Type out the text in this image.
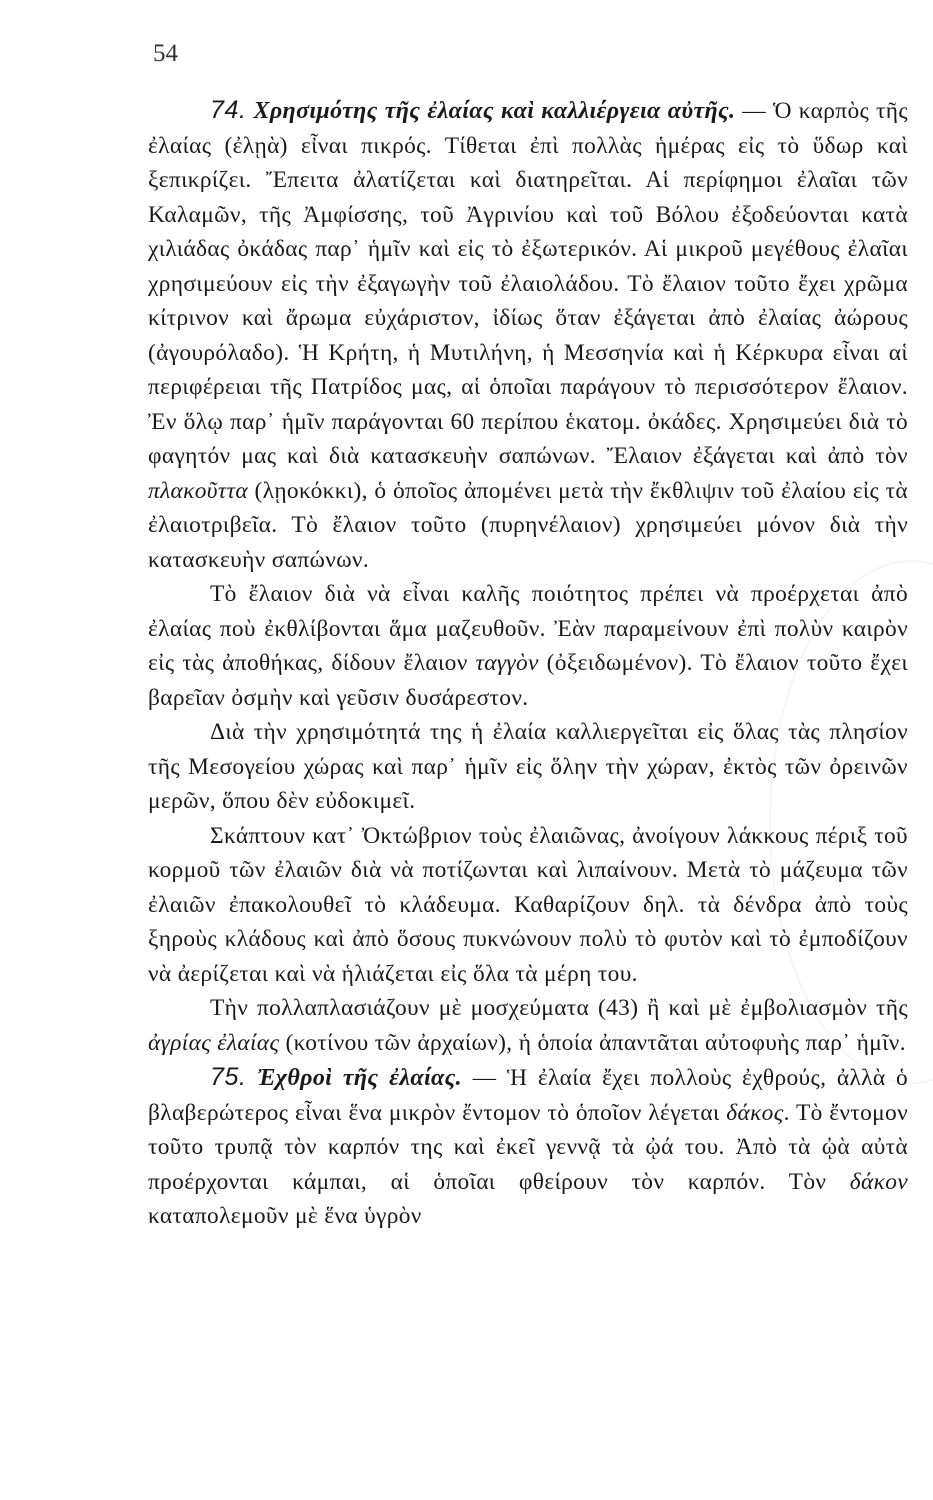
54

74. Χρησιμότης τῆς ἐλαίας καὶ καλλιέργεια αὐτῆς. — Ὁ καρπὸς τῆς ἐλαίας (ἐλῃὰ) εἶναι πικρός. Τίθεται ἐπὶ πολλὰς ἡμέρας εἰς τὸ ὕδωρ καὶ ξεπικρίζει. Ἔπειτα ἀλατίζεται καὶ διατηρεῖται. Αἱ περίφημοι ἐλαῖαι τῶν Καλαμῶν, τῆς Ἀμφίσσης, τοῦ Ἀγρινίου καὶ τοῦ Βόλου ἐξοδεύονται κατὰ χιλιάδας ὀκάδας παρ᾿ ἡμῖν καὶ εἰς τὸ ἐξωτερικόν. Αἱ μικροῦ μεγέθους ἐλαῖαι χρησιμεύουν εἰς τὴν ἐξαγωγὴν τοῦ ἐλαιολάδου. Τὸ ἔλαιον τοῦτο ἔχει χρῶμα κίτρινον καὶ ἄρωμα εὐχάριστον, ἰδίως ὅταν ἐξάγεται ἀπὸ ἐλαίας ἀώρους (ἀγουρόλαδο). Ἡ Κρήτη, ἡ Μυτιλήνη, ἡ Μεσσηνία καὶ ἡ Κέρκυρα εἶναι αἱ περιφέρειαι τῆς Πατρίδος μας, αἱ ὁποῖαι παράγουν τὸ περισσότερον ἔλαιον. Ἐν ὅλῳ παρ᾿ ἡμῖν παράγονται 60 περίπου ἑκατομ. ὀκάδες. Χρησιμεύει διὰ τὸ φαγητόν μας καὶ διὰ κατασκευὴν σαπώνων. Ἔλαιον ἐξάγεται καὶ ἀπὸ τὸν πλακοῦττα (λῃοκόκκι), ὁ ὁποῖος ἀπομένει μετὰ τὴν ἔκθλιψιν τοῦ ἐλαίου εἰς τὰ ἐλαιοτριβεῖα. Τὸ ἔλαιον τοῦτο (πυρηνέλαιον) χρησιμεύει μόνον διὰ τὴν κατασκευὴν σαπώνων.

Τὸ ἔλαιον διὰ νὰ εἶναι καλῆς ποιότητος πρέπει νὰ προέρχεται ἀπὸ ἐλαίας ποὺ ἐκθλίβονται ἅμα μαζευθοῦν. Ἐὰν παραμείνουν ἐπὶ πολὺν καιρὸν εἰς τὰς ἀποθήκας, δίδουν ἔλαιον ταγγὸν (ὀξειδωμένον). Τὸ ἔλαιον τοῦτο ἔχει βαρεῖαν ὀσμὴν καὶ γεῦσιν δυσάρεστον.

Διὰ τὴν χρησιμότητά της ἡ ἐλαία καλλιεργεῖται εἰς ὅλας τὰς πλησίον τῆς Μεσογείου χώρας καὶ παρ᾿ ἡμῖν εἰς ὅλην τὴν χώραν, ἐκτὸς τῶν ὀρεινῶν μερῶν, ὅπου δὲν εὐδοκιμεῖ.

Σκάπτουν κατ᾿ Ὀκτώβριον τοὺς ἐλαιῶνας, ἀνοίγουν λάκκους πέριξ τοῦ κορμοῦ τῶν ἐλαιῶν διὰ νὰ ποτίζωνται καὶ λιπαίνουν. Μετὰ τὸ μάζευμα τῶν ἐλαιῶν ἐπακολουθεῖ τὸ κλάδευμα. Καθαρίζουν δηλ. τὰ δένδρα ἀπὸ τοὺς ξηροὺς κλάδους καὶ ἀπὸ ὅσους πυκνώνουν πολὺ τὸ φυτὸν καὶ τὸ ἐμποδίζουν νὰ ἀερίζεται καὶ νὰ ἡλιάζεται εἰς ὅλα τὰ μέρη του.

Τὴν πολλαπλασιάζουν μὲ μοσχεύματα (43) ἢ καὶ μὲ ἐμβολιασμὸν τῆς ἀγρίας ἐλαίας (κοτίνου τῶν ἀρχαίων), ἡ ὁποία ἀπαντᾶται αὐτοφυὴς παρ᾿ ἡμῖν.

75. Ἐχθροὶ τῆς ἐλαίας. — Ἡ ἐλαία ἔχει πολλοὺς ἐχθρούς, ἀλλὰ ὁ βλαβερώτερος εἶναι ἕνα μικρὸν ἔντομον τὸ ὁποῖον λέγεται δάκος. Τὸ ἔντομον τοῦτο τρυπᾷ τὸν καρπόν της καὶ ἐκεῖ γεννᾷ τὰ ᾠά του. Ἀπὸ τὰ ᾠὰ αὐτὰ προέρχονται κάμπαι, αἱ ὁποῖαι φθείρουν τὸν καρπόν. Τὸν δάκον καταπολεμοῦν μὲ ἕνα ὑγρὸν
